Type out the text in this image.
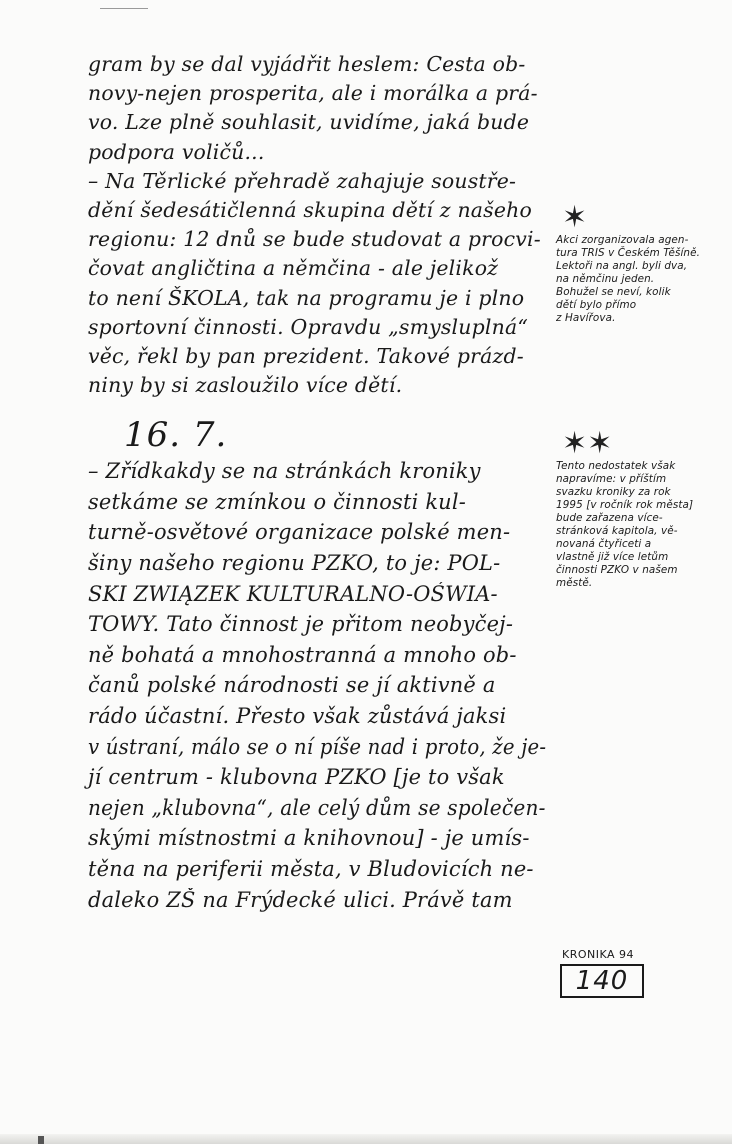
gram by se dal vyjádřit heslem: Cesta ob-
novy-nejen prosperita, ale i morálka a prá-
vo. Lze plně souhlasit, uvidíme, jaká bude
podpora voličů...
– Na Těrlické přehradě zahajuje soustře-
dění šedesátičlenná skupina dětí z našeho
regionu: 12 dnů se bude studovat a procvi-
čovat angličtina a němčina - ale jelikož
to není ŠKOLA, tak na programu je i plno
sportovní činnosti. Opravdu „smysluplná“
věc, řekl by pan prezident. Takové prázd-
niny by si zasloužilo více dětí.
16. 7.
– Zřídkakdy se na stránkách kroniky
setkáme se zmínkou o činnosti kul-
turně-osvětové organizace polské men-
šiny našeho regionu PZKO, to je: POL-
SKI ZWIĄZEK KULTURALNO-OŚWIA-
TOWY. Tato činnost je přitom neobyčej-
ně bohatá a mnohostranná a mnoho ob-
čanů polské národnosti se jí aktivně a
rádo účastní. Přesto však zůstává jaksi
v ústraní, málo se o ní píše nad i proto, že je-
jí centrum - klubovna PZKO [je to však
nejen „klubovna“, ale celý dům se společen-
skými místnostmi a knihovnou] - je umís-
těna na periferii města, v Bludovicích ne-
daleko ZŠ na Frýdecké ulici. Právě tam
✶
Akci zorganizovala agen-
tura TRIS v Českém Těšíně.
Lektoři na angl. byli dva,
na němčinu jeden.
Bohužel se neví, kolik
dětí bylo přímo
z Havířova.
✶✶
Tento nedostatek však
napravíme: v příštím
svazku kroniky za rok
1995 [v ročník rok města]
bude zařazena více-
stránková kapitola, vě-
novaná čtyřiceti a
vlastně již více letům
činnosti PZKO v našem
městě.
KRONIKA 94
140
